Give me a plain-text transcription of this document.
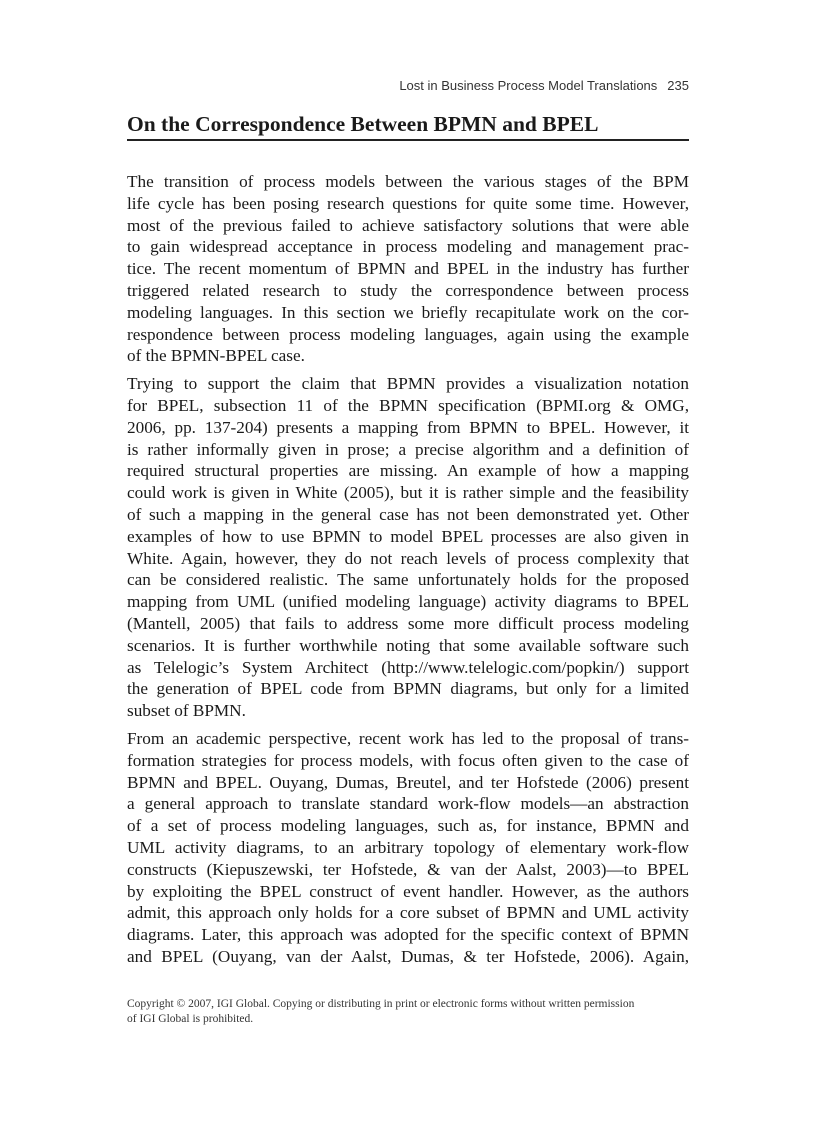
Lost in Business Process Model Translations 235
On the Correspondence Between BPMN and BPEL
The transition of process models between the various stages of the BPM
life cycle has been posing research questions for quite some time. However,
most of the previous failed to achieve satisfactory solutions that were able
to gain widespread acceptance in process modeling and management prac-
tice. The recent momentum of BPMN and BPEL in the industry has further
triggered related research to study the correspondence between process
modeling languages. In this section we briefly recapitulate work on the cor-
respondence between process modeling languages, again using the example
of the BPMN-BPEL case.
Trying to support the claim that BPMN provides a visualization notation
for BPEL, subsection 11 of the BPMN specification (BPMI.org & OMG,
2006, pp. 137-204) presents a mapping from BPMN to BPEL. However, it
is rather informally given in prose; a precise algorithm and a definition of
required structural properties are missing. An example of how a mapping
could work is given in White (2005), but it is rather simple and the feasibility
of such a mapping in the general case has not been demonstrated yet. Other
examples of how to use BPMN to model BPEL processes are also given in
White. Again, however, they do not reach levels of process complexity that
can be considered realistic. The same unfortunately holds for the proposed
mapping from UML (unified modeling language) activity diagrams to BPEL
(Mantell, 2005) that fails to address some more difficult process modeling
scenarios. It is further worthwhile noting that some available software such
as Telelogic’s System Architect (http://www.telelogic.com/popkin/) support
the generation of BPEL code from BPMN diagrams, but only for a limited
subset of BPMN.
From an academic perspective, recent work has led to the proposal of trans-
formation strategies for process models, with focus often given to the case of
BPMN and BPEL. Ouyang, Dumas, Breutel, and ter Hofstede (2006) present
a general approach to translate standard work-flow models—an abstraction
of a set of process modeling languages, such as, for instance, BPMN and
UML activity diagrams, to an arbitrary topology of elementary work-flow
constructs (Kiepuszewski, ter Hofstede, & van der Aalst, 2003)—to BPEL
by exploiting the BPEL construct of event handler. However, as the authors
admit, this approach only holds for a core subset of BPMN and UML activity
diagrams. Later, this approach was adopted for the specific context of BPMN
and BPEL (Ouyang, van der Aalst, Dumas, & ter Hofstede, 2006). Again,
Copyright © 2007, IGI Global. Copying or distributing in print or electronic forms without written permission
of IGI Global is prohibited.
